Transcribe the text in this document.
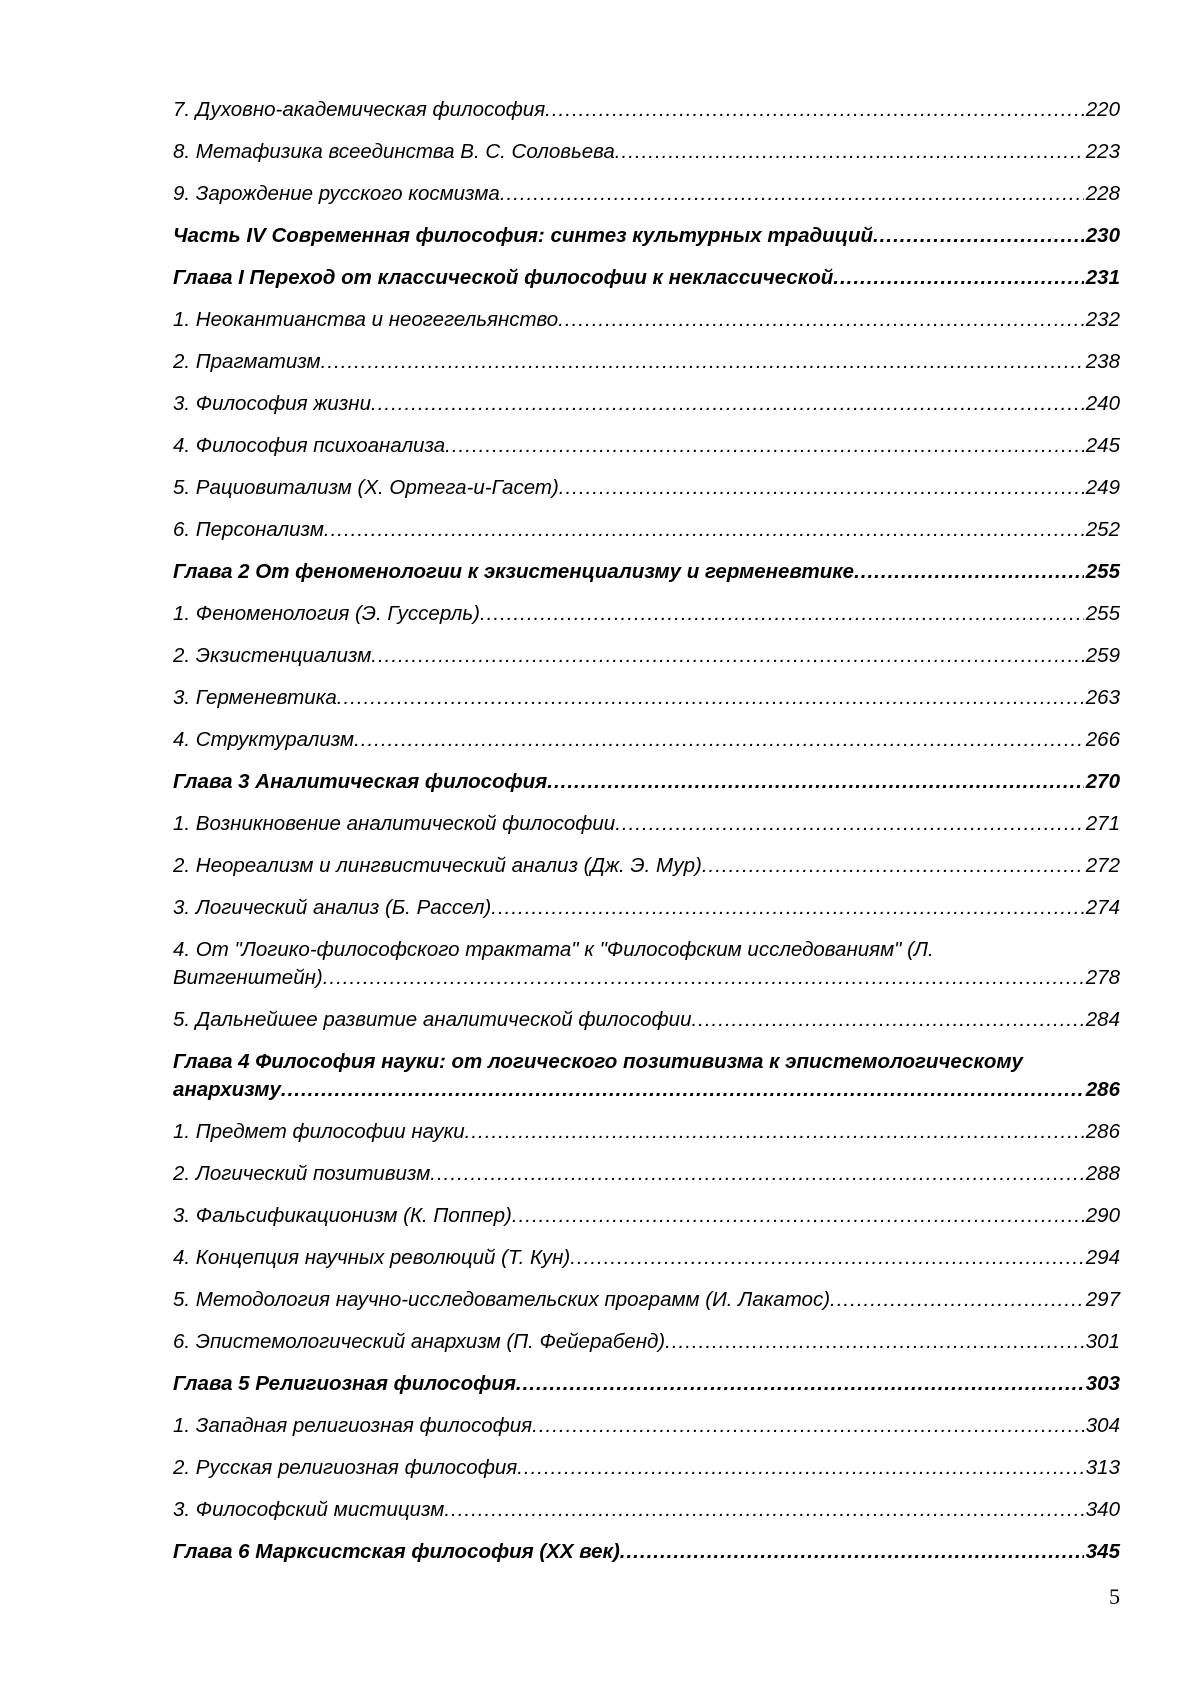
7. Духовно-академическая философия .....	220
8. Метафизика всеединства В. С. Соловьева .....	223
9. Зарождение русского космизма .....	228
Часть IV Современная философия: синтез культурных традиций .....	230
Глава I Переход от классической философии к неклассической .....	231
1. Неокантианства и неогегельянство .....	232
2. Прагматизм .....	238
3. Философия жизни .....	240
4. Философия психоанализа .....	245
5. Рациовитализм (Х. Ортега-и-Гасет) .....	249
6. Персонализм .....	252
Глава 2 От феноменологии к экзистенциализму и герменевтике .....	255
1. Феноменология (Э. Гуссерль) .....	255
2. Экзистенциализм .....	259
3. Герменевтика .....	263
4. Структурализм .....	266
Глава 3 Аналитическая философия .....	270
1. Возникновение аналитической философии .....	271
2. Неореализм и лингвистический анализ (Дж. Э. Мур) .....	272
3. Логический анализ (Б. Рассел) .....	274
4. От "Логико-философского трактата" к "Философским исследованиям" (Л.
Витгенштейн) .....	278
5. Дальнейшее развитие аналитической философии .....	284
Глава 4 Философия науки: от логического позитивизма к эпистемологическому
анархизму .....	286
1. Предмет философии науки .....	286
2. Логический позитивизм .....	288
3. Фальсификационизм (К. Поппер) .....	290
4. Концепция научных революций (Т. Кун) .....	294
5. Методология научно-исследовательских программ (И. Лакатос) .....	297
6. Эпистемологический анархизм (П. Фейерабенд) .....	301
Глава 5 Религиозная философия .....	303
1. Западная религиозная философия .....	304
2. Русская религиозная философия .....	313
3. Философский мистицизм .....	340
Глава 6 Марксистская философия (XX век) .....	345
5
